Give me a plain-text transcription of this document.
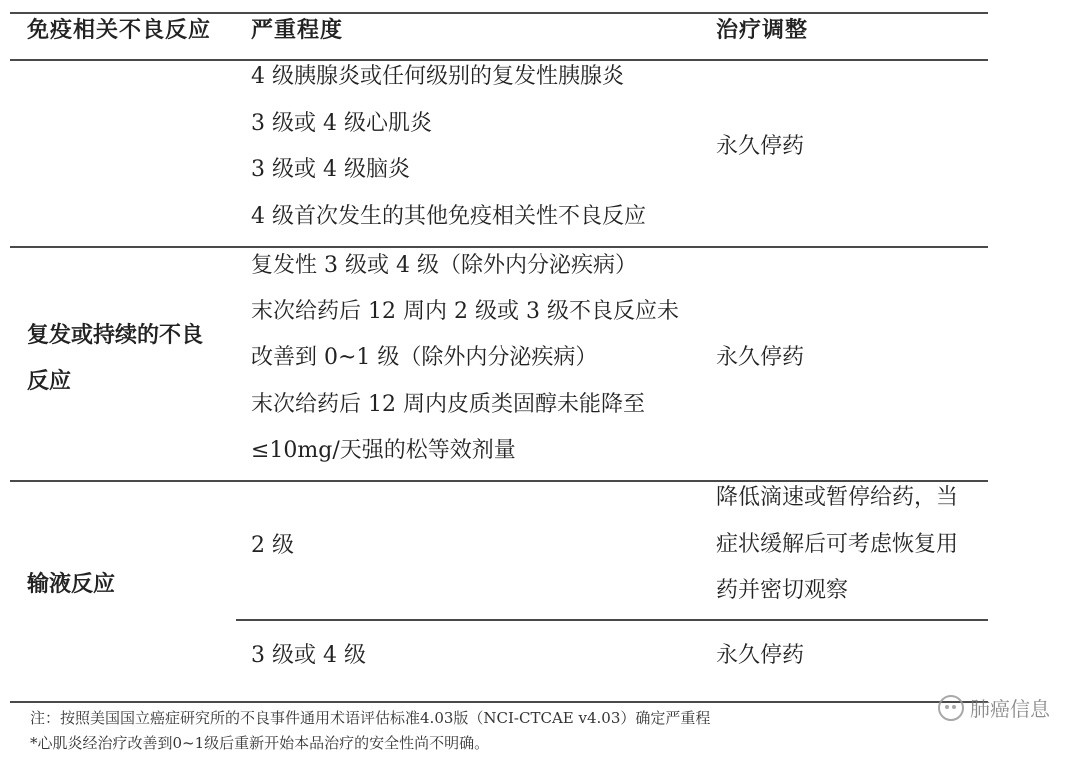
免疫相关不良反应 严重程度	治疗调整
4 级胰腺炎或任何级别的复发性胰腺炎
3 级或 4 级心肌炎
3 级或 4 级脑炎
4 级首次发生的其他免疫相关性不良反应
永久停药
复发或持续的不良
反应
复发性 3 级或 4 级（除外内分泌疾病）
末次给药后 12 周内 2 级或 3 级不良反应未
改善到 0~1 级（除外内分泌疾病）
末次给药后 12 周内皮质类固醇未能降至
≤10mg/天强的松等效剂量
永久停药
输液反应
2 级
降低滴速或暂停给药，当
症状缓解后可考虑恢复用
药并密切观察
3 级或 4 级	永久停药
注：按照美国国立癌症研究所的不良事件通用术语评估标准4.03版（NCI-CTCAE v4.03）确定严重程
*心肌炎经治疗改善到0~1级后重新开始本品治疗的安全性尚不明确。
肺癌信息
